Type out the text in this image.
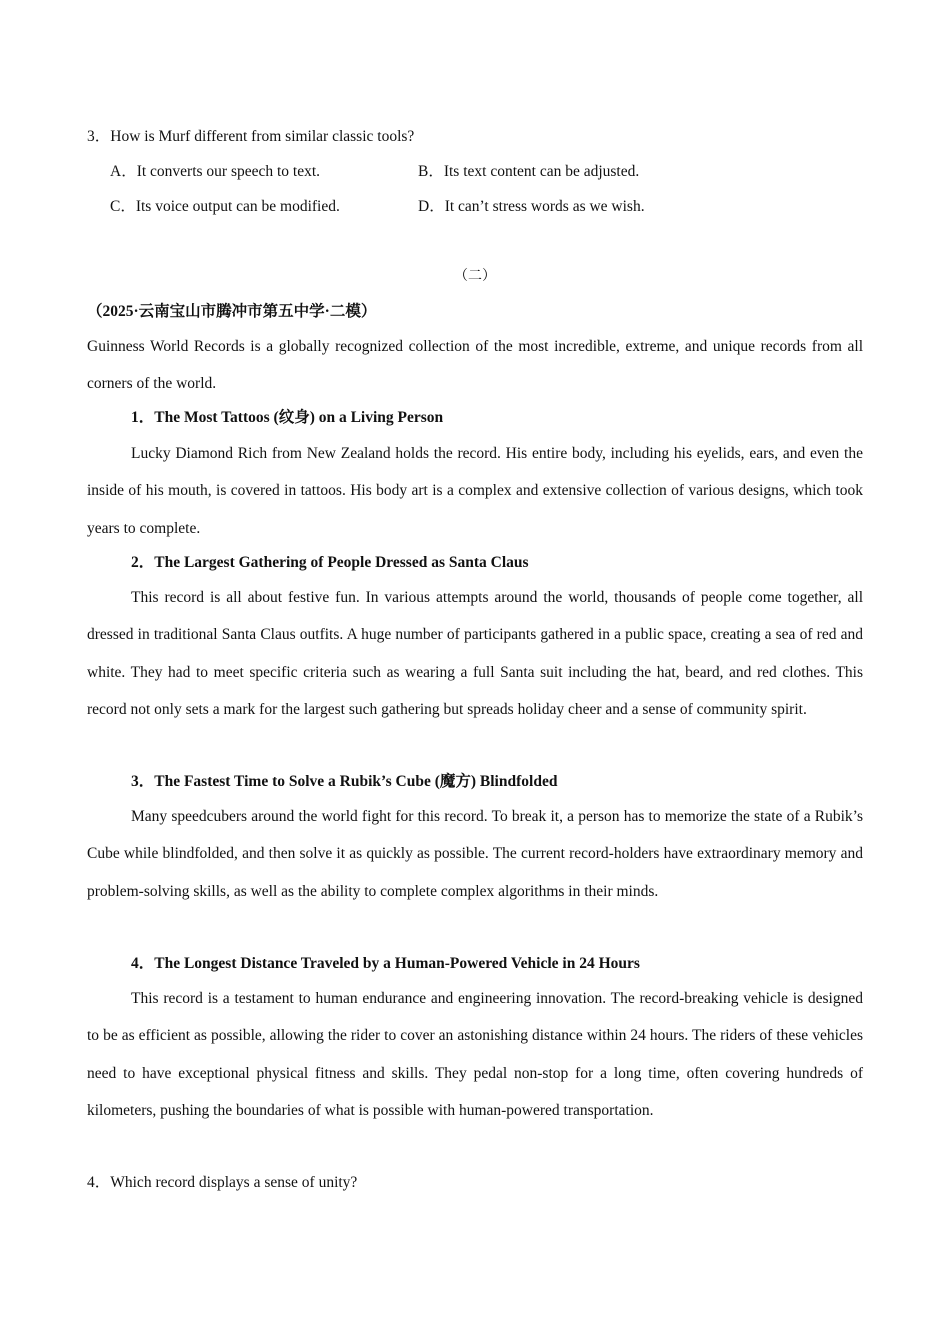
3．How is Murf different from similar classic tools?
A．It converts our speech to text.	B．Its text content can be adjusted.
C．Its voice output can be modified.	D．It can’t stress words as we wish.
（二）
（2025·云南宝山市腾冲市第五中学·二模）
Guinness World Records is a globally recognized collection of the most incredible, extreme, and unique records from all corners of the world.
1．The Most Tattoos (纹身) on a Living Person
Lucky Diamond Rich from New Zealand holds the record. His entire body, including his eyelids, ears, and even the inside of his mouth, is covered in tattoos. His body art is a complex and extensive collection of various designs, which took years to complete.
2．The Largest Gathering of People Dressed as Santa Claus
This record is all about festive fun. In various attempts around the world, thousands of people come together, all dressed in traditional Santa Claus outfits. A huge number of participants gathered in a public space, creating a sea of red and white. They had to meet specific criteria such as wearing a full Santa suit including the hat, beard, and red clothes. This record not only sets a mark for the largest such gathering but spreads holiday cheer and a sense of community spirit.
3．The Fastest Time to Solve a Rubik’s Cube (魔方) Blindfolded
Many speedcubers around the world fight for this record. To break it, a person has to memorize the state of a Rubik’s Cube while blindfolded, and then solve it as quickly as possible. The current record-holders have extraordinary memory and problem-solving skills, as well as the ability to complete complex algorithms in their minds.
4．The Longest Distance Traveled by a Human-Powered Vehicle in 24 Hours
This record is a testament to human endurance and engineering innovation. The record-breaking vehicle is designed to be as efficient as possible, allowing the rider to cover an astonishing distance within 24 hours. The riders of these vehicles need to have exceptional physical fitness and skills. They pedal non-stop for a long time, often covering hundreds of kilometers, pushing the boundaries of what is possible with human-powered transportation.
4．Which record displays a sense of unity?
